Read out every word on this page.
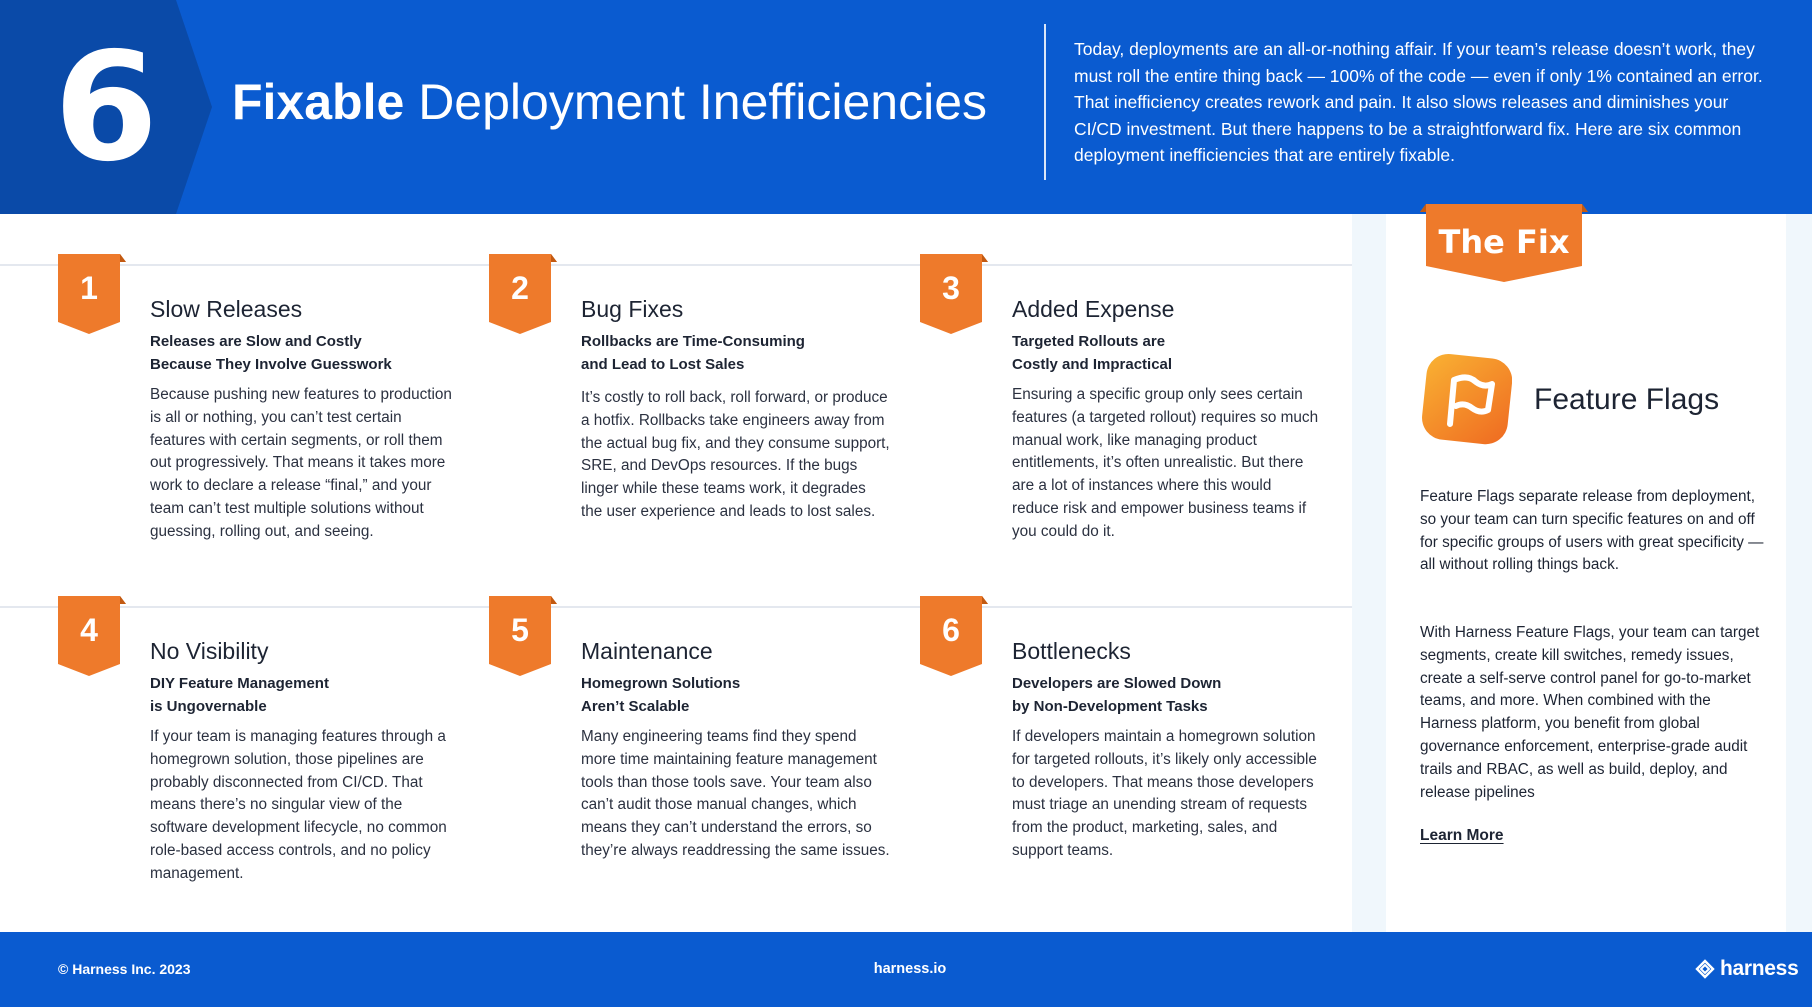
6 Fixable Deployment Inefficiencies
Today, deployments are an all-or-nothing affair. If your team’s release doesn’t work, they must roll the entire thing back — 100% of the code — even if only 1% contained an error. That inefficiency creates rework and pain. It also slows releases and diminishes your CI/CD investment. But there happens to be a straightforward fix. Here are six common deployment inefficiencies that are entirely fixable.
1
Slow Releases
Releases are Slow and Costly
Because They Involve Guesswork
Because pushing new features to production is all or nothing, you can’t test certain features with certain segments, or roll them out progressively. That means it takes more work to declare a release “final,” and your team can’t test multiple solutions without guessing, rolling out, and seeing.
2
Bug Fixes
Rollbacks are Time-Consuming
and Lead to Lost Sales
It’s costly to roll back, roll forward, or produce a hotfix. Rollbacks take engineers away from the actual bug fix, and they consume support, SRE, and DevOps resources. If the bugs linger while these teams work, it degrades the user experience and leads to lost sales.
3
Added Expense
Targeted Rollouts are
Costly and Impractical
Ensuring a specific group only sees certain features (a targeted rollout) requires so much manual work, like managing product entitlements, it’s often unrealistic. But there are a lot of instances where this would reduce risk and empower business teams if you could do it.
4
No Visibility
DIY Feature Management
is Ungovernable
If your team is managing features through a homegrown solution, those pipelines are probably disconnected from CI/CD. That means there’s no singular view of the software development lifecycle, no common role-based access controls, and no policy management.
5
Maintenance
Homegrown Solutions
Aren’t Scalable
Many engineering teams find they spend more time maintaining feature management tools than those tools save. Your team also can’t audit those manual changes, which means they can’t understand the errors, so they’re always readdressing the same issues.
6
Bottlenecks
Developers are Slowed Down
by Non-Development Tasks
If developers maintain a homegrown solution for targeted rollouts, it’s likely only accessible to developers. That means those developers must triage an unending stream of requests from the product, marketing, sales, and support teams.
The Fix
Feature Flags
Feature Flags separate release from deployment, so your team can turn specific features on and off for specific groups of users with great specificity — all without rolling things back.
With Harness Feature Flags, your team can target segments, create kill switches, remedy issues, create a self-serve control panel for go-to-market teams, and more. When combined with the Harness platform, you benefit from global governance enforcement, enterprise-grade audit trails and RBAC, as well as build, deploy, and release pipelines
Learn More
© Harness Inc. 2023	harness.io	harness
